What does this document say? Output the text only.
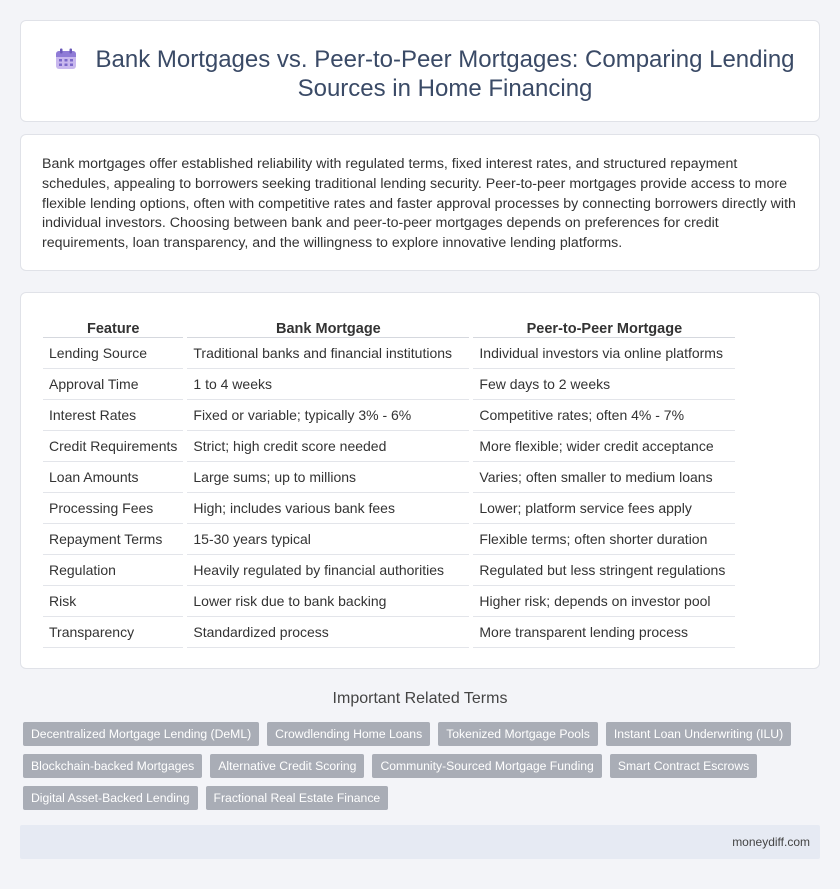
Bank Mortgages vs. Peer-to-Peer Mortgages: Comparing Lending Sources in Home Financing

Bank mortgages offer established reliability with regulated terms, fixed interest rates, and structured repayment schedules, appealing to borrowers seeking traditional lending security. Peer-to-peer mortgages provide access to more flexible lending options, often with competitive rates and faster approval processes by connecting borrowers directly with individual investors. Choosing between bank and peer-to-peer mortgages depends on preferences for credit requirements, loan transparency, and the willingness to explore innovative lending platforms.

Feature		Bank Mortgage		Peer-to-Peer Mortgage
Lending Source		Traditional banks and financial institutions		Individual investors via online platforms
Approval Time		1 to 4 weeks		Few days to 2 weeks
Interest Rates		Fixed or variable; typically 3% - 6%		Competitive rates; often 4% - 7%
Credit Requirements		Strict; high credit score needed		More flexible; wider credit acceptance
Loan Amounts		Large sums; up to millions		Varies; often smaller to medium loans
Processing Fees		High; includes various bank fees		Lower; platform service fees apply
Repayment Terms		15-30 years typical		Flexible terms; often shorter duration
Regulation		Heavily regulated by financial authorities		Regulated but less stringent regulations
Risk		Lower risk due to bank backing		Higher risk; depends on investor pool
Transparency		Standardized process		More transparent lending process
Important Related Terms
Decentralized Mortgage Lending (DeML)	Crowdlending Home Loans	Tokenized Mortgage Pools	Instant Loan Underwriting (ILU)
Blockchain-backed Mortgages	Alternative Credit Scoring	Community-Sourced Mortgage Funding	Smart Contract Escrows
Digital Asset-Backed Lending	Fractional Real Estate Finance
moneydiff.com
